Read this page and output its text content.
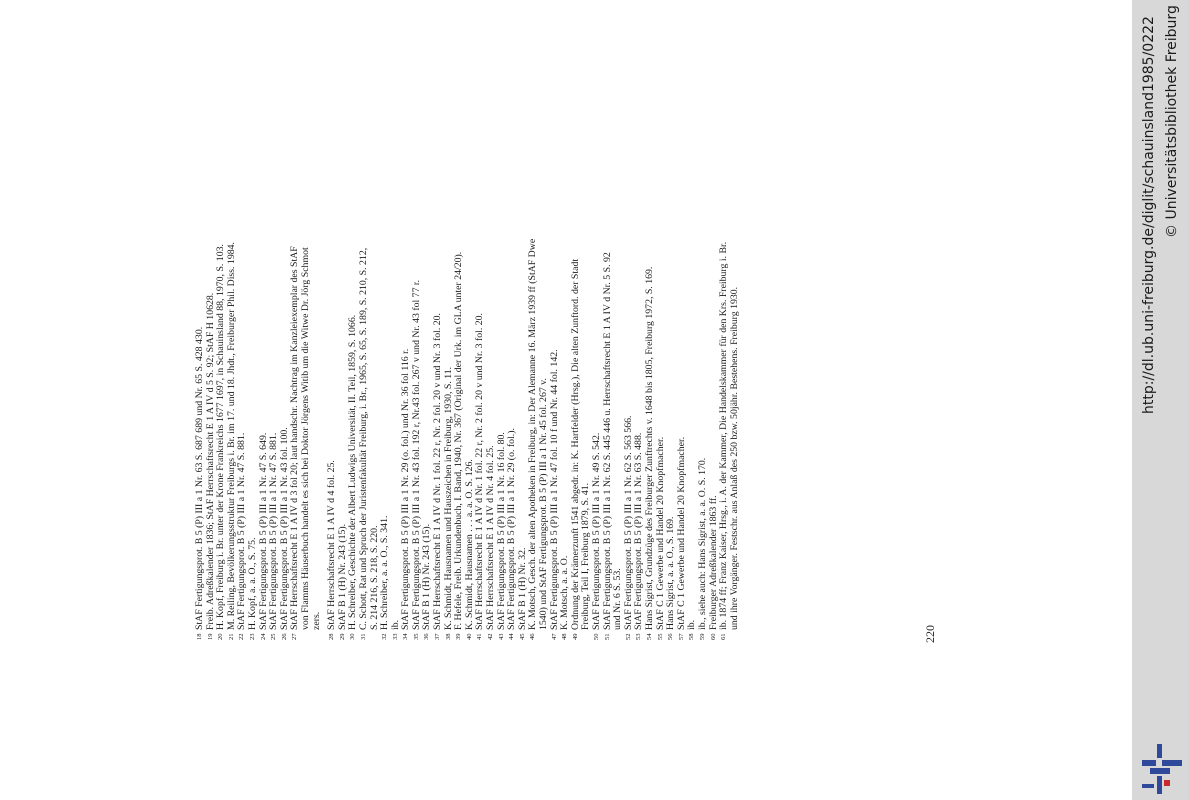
18
StAF Fertigungsprot. B 5 (P) III a 1 Nr. 63 S. 687 689 und Nr. 65 S. 428 430.
19
Freib. Adreßkalender 1836; StAF Herrschaftsrecht E 1 A IV d 5 S. 92; StAF H 10628.
20
H. Kopf, Freiburg i. Br. unter der Krone Frankreichs 1677 1697, in Schauinsland 88, 1970, S. 103.
21
M. Reiling, Bevölkerungsstruktur Freiburgs i. Br. im 17. und 18. Jhdt., Freiburger Phil. Diss. 1984.
22
StAF Fertigungsprot. B 5 (P) III a 1 Nr. 47 S. 881.
23
H. Kopf, a. a. O., S. 75.
24
StAF Fertigungsprot. B 5 (P) III a 1 Nr. 47 S. 649.
25
StAF Fertigungsprot. B 5 (P) III a 1 Nr. 47 S. 881.
26
StAF Fertigungsprot. B 5 (P) III a 1 Nr. 43 fol. 100.
27
StAF Herrschaftsrecht E 1 A IV d 3 fol 20; laut handschr. Nachtrag im Kanzleiexemplar des StAF von Flamms Häuserbuch handelt es sich bei Doktor Jörgens Witib um die Witwe Dr. Jörg Schmot zers.
28
StAF Herrschaftsrecht E 1 A IV d 4 fol. 25.
29
StAF B 1 (H) Nr. 243 (15).
30
H. Schreiber, Geschichte der Albert Ludwigs Universität, II. Teil, 1859, S. 1066.
31
C. Schott, Rat und Spruch der Juristenfakultät Freiburg, i. Br., 1965, S. 65, S. 189, S. 210, S. 212, S. 214 216, S. 218, S. 220.
32
H. Schreiber, a. a. O., S. 341.
33
ib.
34
StAF Fertigungsprot. B 5 (P) III a 1 Nr. 29 (o. fol.) und Nr. 36 fol 116 r.
35
StAF Fertigungsprot. B 5 (P) III a 1 Nr. 43 fol. 192 r, Nr.43 fol. 267 v und Nr. 43 fol 77 r.
36
StAF B 1 (H) Nr. 243 (15).
37
StAF Herrschaftsrecht E 1 A IV d Nr. 1 fol. 22 r, Nr. 2 fol. 20 v und Nr. 3 fol. 20.
38
K. Schmidt, Hausnamen und Hauszeichen in Freiburg, 1930, S. 11.
39
F. Hefele, Freib. Urkundenbuch, I. Band, 1940, Nr. 367 (Original der Urk. im GLA unter 24/20).
40
K. Schmidt, Hausnamen . . . a. a. O. S. 126.
41
StAF Herrschaftsrecht E 1 A IV d Nr. 1 fol. 22 r, Nr. 2 fol. 20 v und Nr. 3 fol. 20.
42
StAF Herrschaftsrecht E 1 A IV d Nr. 4 fol. 25.
43
StAF Fertigungsprot. B 5 (P) III a 1 Nr. 16 fol. 80.
44
StAF Fertigungsprot. B 5 (P) III a 1 Nr. 29 (o. fol.).
45
StAF B 1 (H) Nr. 32.
46
K. Motsch, Gesch. der alten Apotheken in Freiburg, in: Der Alemanne 16. März 1939 ff (StAF Dwe 1540) und StAF Fertigungsprot. B 5 (P) III a 1 Nr. 45 fol. 267 v.
47
StAF Fertigungsprot. B 5 (P) III a 1 Nr. 47 fol. 10 f und Nr. 44 fol. 142.
48
K. Motsch, a. a. O.
49
Ordnung der Krämerzunft 1541 abgedr. in: K. Hartfelder (Hrsg.), Die alten Zunftord. der Stadt Freiburg, Teil I, Freiburg 1879, S. 41.
50
StAF Fertigungsprot. B 5 (P) III a 1 Nr. 49 S. 542.
51
StAF Fertigungsprot. B 5 (P) III a 1 Nr. 62 S. 445 446 u. Herrschaftsrecht E 1 A IV d Nr. 5 S. 92 und Nr. 6 S. 53.
52
StAF Fertigungsprot. B 5 (P) III a 1 Nr. 62 S. 563 566.
53
StAF Fertigungsprot. B 5 (P) III a 1 Nr. 63 S. 488.
54
Hans Sigrist, Grundzüge des Freiburger Zunftrechts v. 1648 bis 1805, Freiburg 1972, S. 169.
55
StAF C 1 Gewerbe und Handel 20 Knopfmacher.
56
Hans Sigrist, a. a. O., S. 169.
57
StAF C 1 Gewerbe und Handel 20 Knopfmacher.
58
ib.
59
ib., siehe auch: Hans Sigrist, a. a. O. S. 170.
60
Freiburger Adreßkalender 1863 ff.
61
ib. 1874 ff; Franz Kaiser, Hrsg., i. A. der Kammer, Die Handelskammer für den Krs. Freiburg i. Br. und ihre Vorgänger. Festschr. aus Anlaß des 250 bzw. 50jähr. Bestehens. Freiburg 1930.
220
http://dl.ub.uni-freiburg.de/diglit/schauinsland1985/0222 © Universitätsbibliothek Freiburg
